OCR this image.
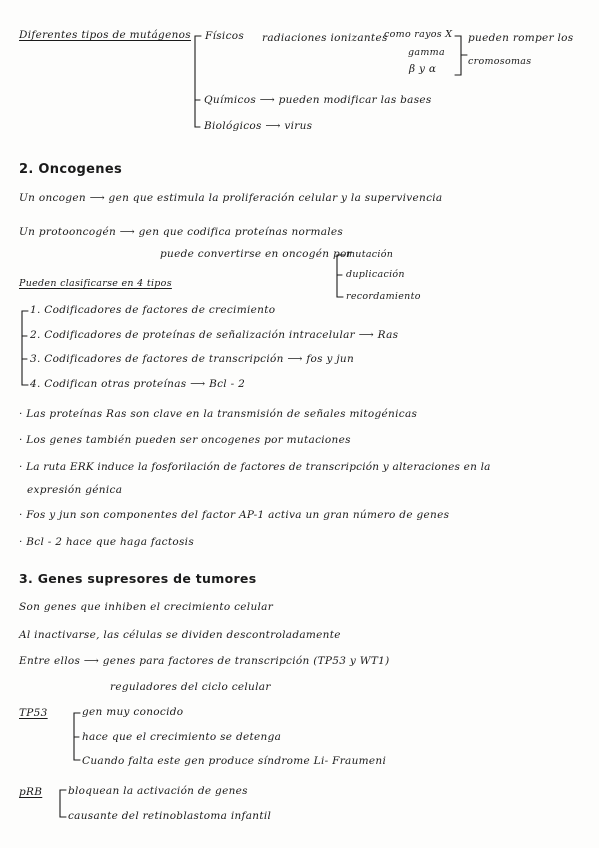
Diferentes tipos de mutágenos Físicos radiaciones ionizantes
como rayos X
gamma
β y α
pueden romper los
cromosomas
Químicos ⟶ pueden modificar las bases
Biológicos ⟶ virus
2. Oncogenes
Un oncogen ⟶ gen que estimula la proliferación celular y la supervivencia
Un protooncogén ⟶ gen que codifica proteínas normales
puede convertirse en oncogén por
mutación
duplicación
recordamiento
Pueden clasificarse en 4 tipos
1. Codificadores de factores de crecimiento
2. Codificadores de proteínas de señalización intracelular ⟶ Ras
3. Codificadores de factores de transcripción ⟶ fos y jun
4. Codifican otras proteínas ⟶ Bcl - 2
· Las proteínas Ras son clave en la transmisión de señales mitogénicas
· Los genes también pueden ser oncogenes por mutaciones
· La ruta ERK induce la fosforilación de factores de transcripción y alteraciones en la
expresión génica
· Fos y jun son componentes del factor AP-1 activa un gran número de genes
· Bcl - 2 hace que haga factosis
3. Genes supresores de tumores
Son genes que inhiben el crecimiento celular
Al inactivarse, las células se dividen descontroladamente
Entre ellos ⟶ genes para factores de transcripción (TP53 y WT1)
reguladores del ciclo celular
TP53	gen muy conocido
hace que el crecimiento se detenga
Cuando falta este gen produce síndrome Li- Fraumeni
pRB bloquean la activación de genes
causante del retinoblastoma infantil
